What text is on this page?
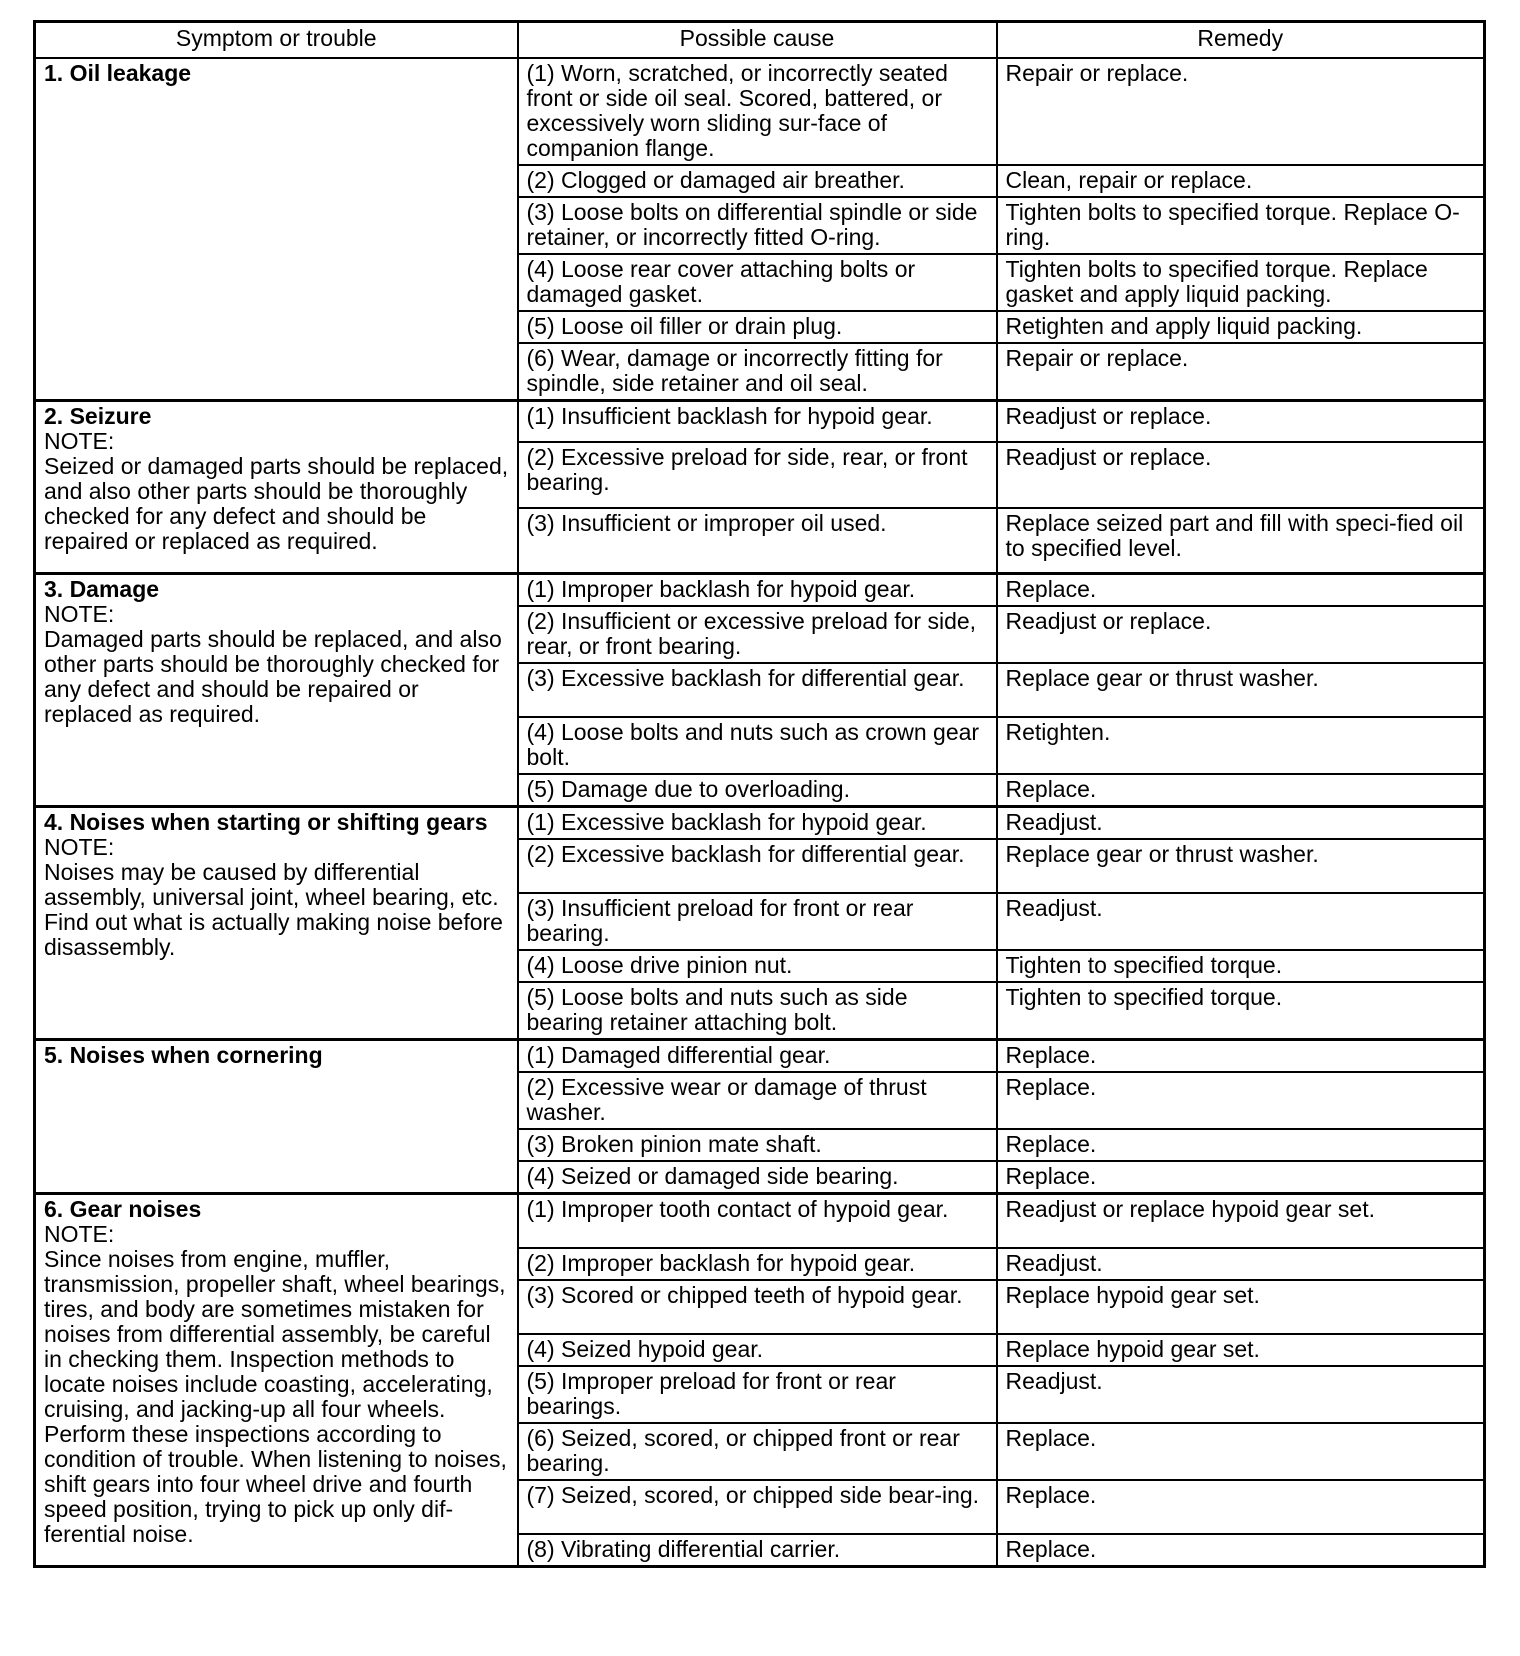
Symptom or trouble	Possible cause	Remedy

1. Oil leakage	(1) Worn, scratched, or incorrectly seated front or side oil seal. Scored, battered, or excessively worn sliding sur-face of companion flange.	Repair or replace.
	(2) Clogged or damaged air breather.	Clean, repair or replace.
	(3) Loose bolts on differential spindle or side retainer, or incorrectly fitted O-ring.	Tighten bolts to specified torque. Replace O-ring.
	(4) Loose rear cover attaching bolts or damaged gasket.	Tighten bolts to specified torque. Replace gasket and apply liquid packing.
	(5) Loose oil filler or drain plug.	Retighten and apply liquid packing.
	(6) Wear, damage or incorrectly fitting for spindle, side retainer and oil seal.	Repair or replace.

2. Seizure
NOTE:
Seized or damaged parts should be replaced, and also other parts should be thoroughly checked for any defect and should be repaired or replaced as required.	(1) Insufficient backlash for hypoid gear.	Readjust or replace.
	(2) Excessive preload for side, rear, or front bearing.	Readjust or replace.
	(3) Insufficient or improper oil used.	Replace seized part and fill with speci-fied oil to specified level.

3. Damage
NOTE:
Damaged parts should be replaced, and also other parts should be thoroughly checked for any defect and should be repaired or replaced as required.	(1) Improper backlash for hypoid gear.	Replace.
	(2) Insufficient or excessive preload for side, rear, or front bearing.	Readjust or replace.
	(3) Excessive backlash for differential gear.	Replace gear or thrust washer.
	(4) Loose bolts and nuts such as crown gear bolt.	Retighten.
	(5) Damage due to overloading.	Replace.

4. Noises when starting or shifting gears
NOTE:
Noises may be caused by differential assembly, universal joint, wheel bearing, etc. Find out what is actually making noise before disassembly.	(1) Excessive backlash for hypoid gear.	Readjust.
	(2) Excessive backlash for differential gear.	Replace gear or thrust washer.
	(3) Insufficient preload for front or rear bearing.	Readjust.
	(4) Loose drive pinion nut.	Tighten to specified torque.
	(5) Loose bolts and nuts such as side bearing retainer attaching bolt.	Tighten to specified torque.

5. Noises when cornering	(1) Damaged differential gear.	Replace.
	(2) Excessive wear or damage of thrust washer.	Replace.
	(3) Broken pinion mate shaft.	Replace.
	(4) Seized or damaged side bearing.	Replace.

6. Gear noises
NOTE:
Since noises from engine, muffler, transmission, propeller shaft, wheel bearings, tires, and body are sometimes mistaken for noises from differential assembly, be careful in checking them. Inspection methods to locate noises include coasting, accelerating, cruising, and jacking-up all four wheels. Perform these inspections according to condition of trouble. When listening to noises, shift gears into four wheel drive and fourth speed position, trying to pick up only dif-ferential noise.	(1) Improper tooth contact of hypoid gear.	Readjust or replace hypoid gear set.
	(2) Improper backlash for hypoid gear.	Readjust.
	(3) Scored or chipped teeth of hypoid gear.	Replace hypoid gear set.
	(4) Seized hypoid gear.	Replace hypoid gear set.
	(5) Improper preload for front or rear bearings.	Readjust.
	(6) Seized, scored, or chipped front or rear bearing.	Replace.
	(7) Seized, scored, or chipped side bear-ing.	Replace.
	(8) Vibrating differential carrier.	Replace.
